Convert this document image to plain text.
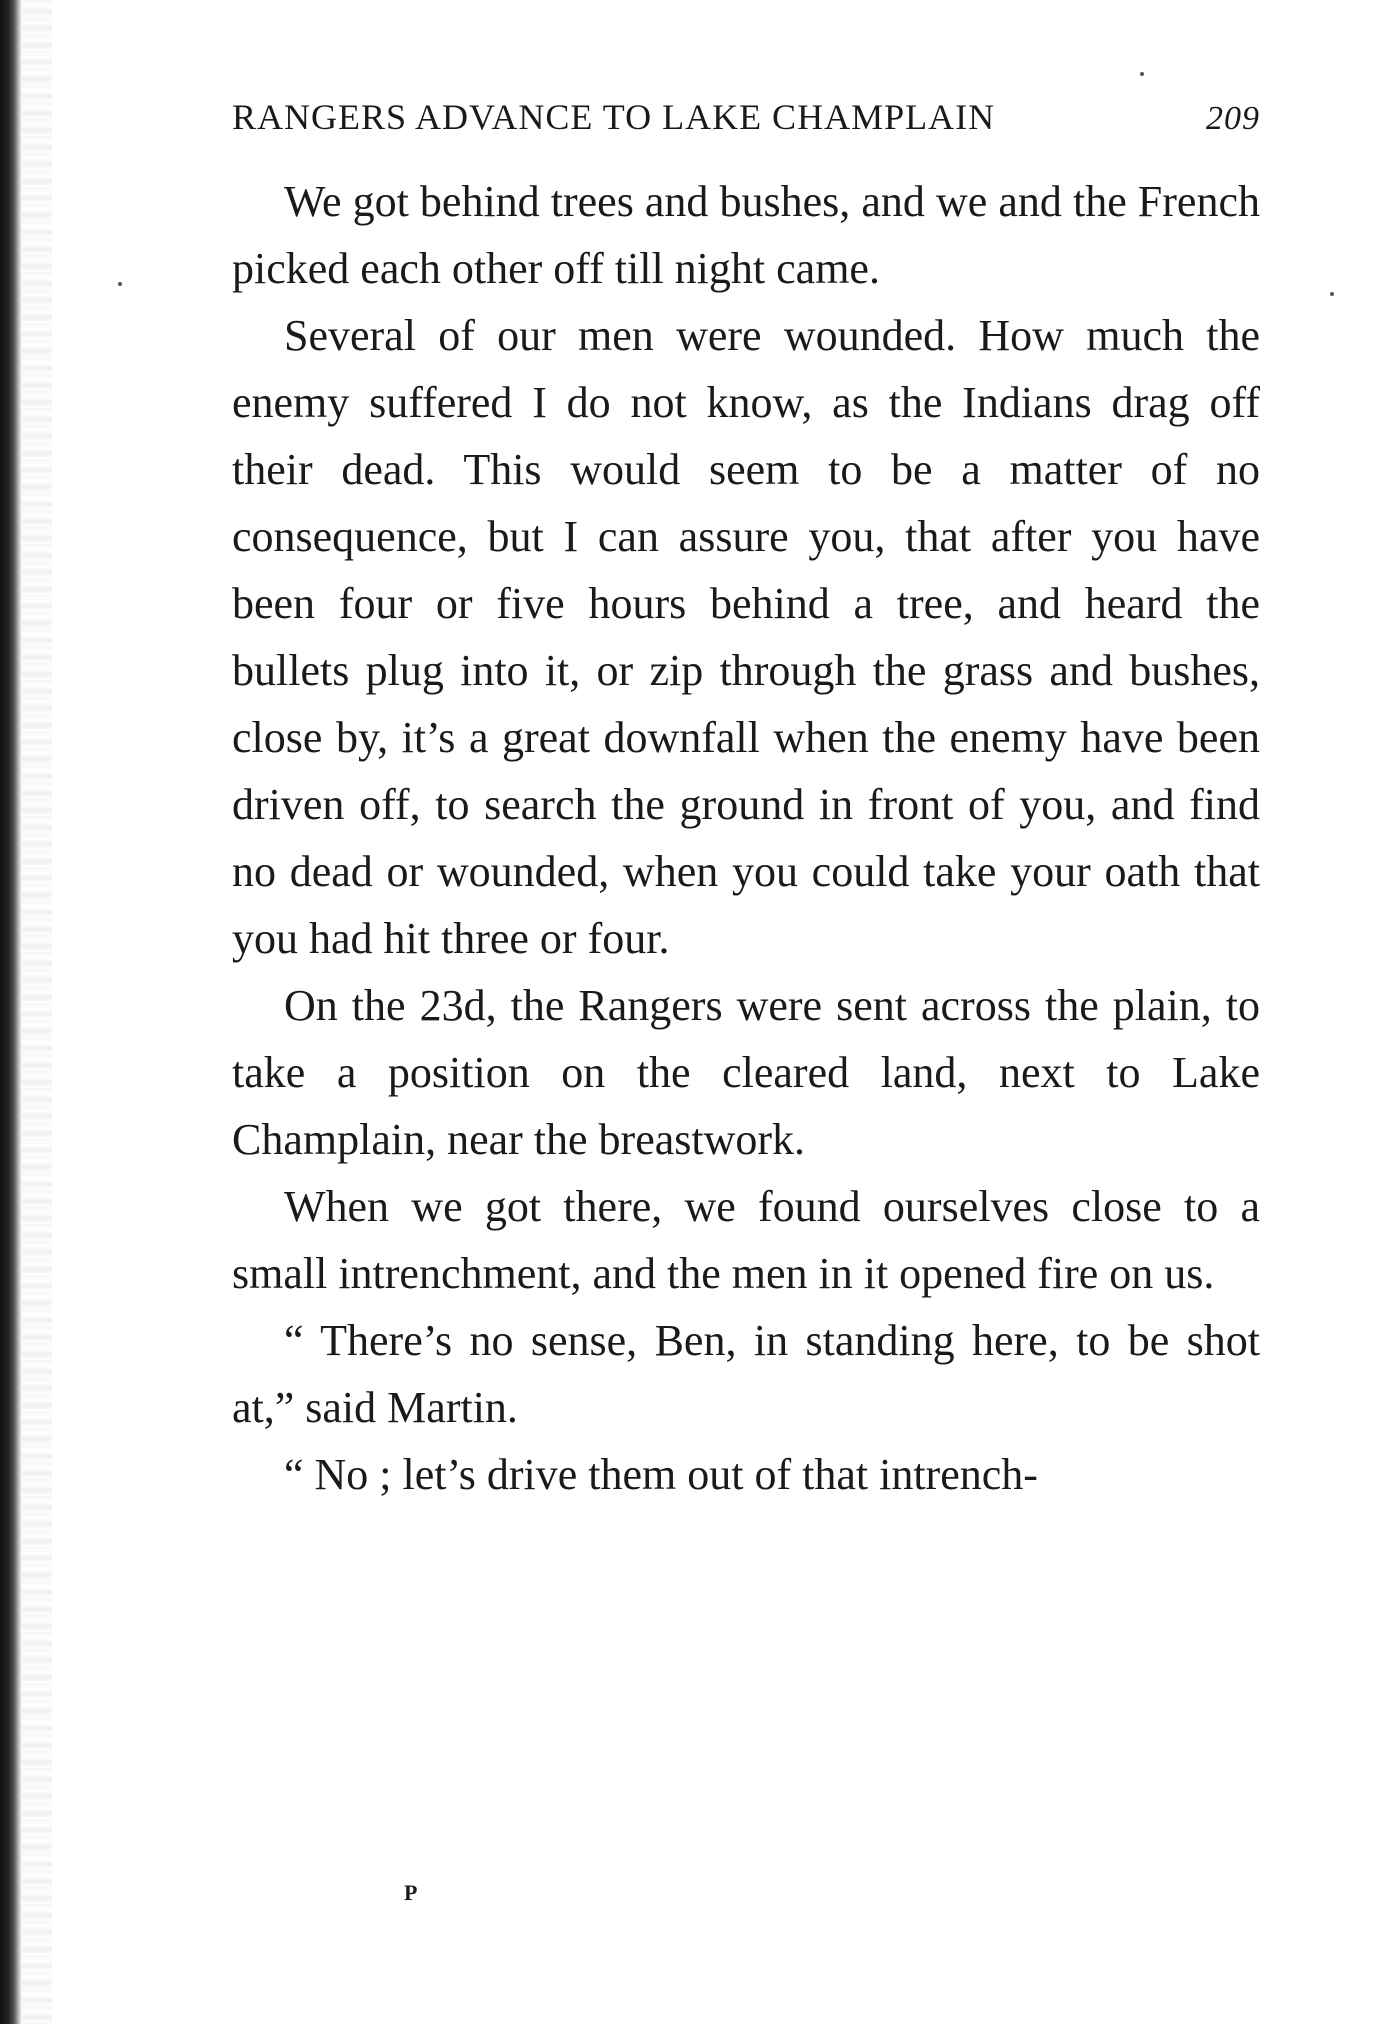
RANGERS ADVANCE TO LAKE CHAMPLAIN	209

We got behind trees and bushes, and we and the French picked each other off till night came.

Several of our men were wounded. How much the enemy suffered I do not know, as the Indians drag off their dead. This would seem to be a matter of no consequence, but I can assure you, that after you have been four or five hours behind a tree, and heard the bullets plug into it, or zip through the grass and bushes, close by, it’s a great downfall when the enemy have been driven off, to search the ground in front of you, and find no dead or wounded, when you could take your oath that you had hit three or four.

On the 23d, the Rangers were sent across the plain, to take a position on the cleared land, next to Lake Champlain, near the breastwork.

When we got there, we found ourselves close to a small intrenchment, and the men in it opened fire on us.

“ There’s no sense, Ben, in standing here, to be shot at,” said Martin.

“ No ; let’s drive them out of that intrench-

P
